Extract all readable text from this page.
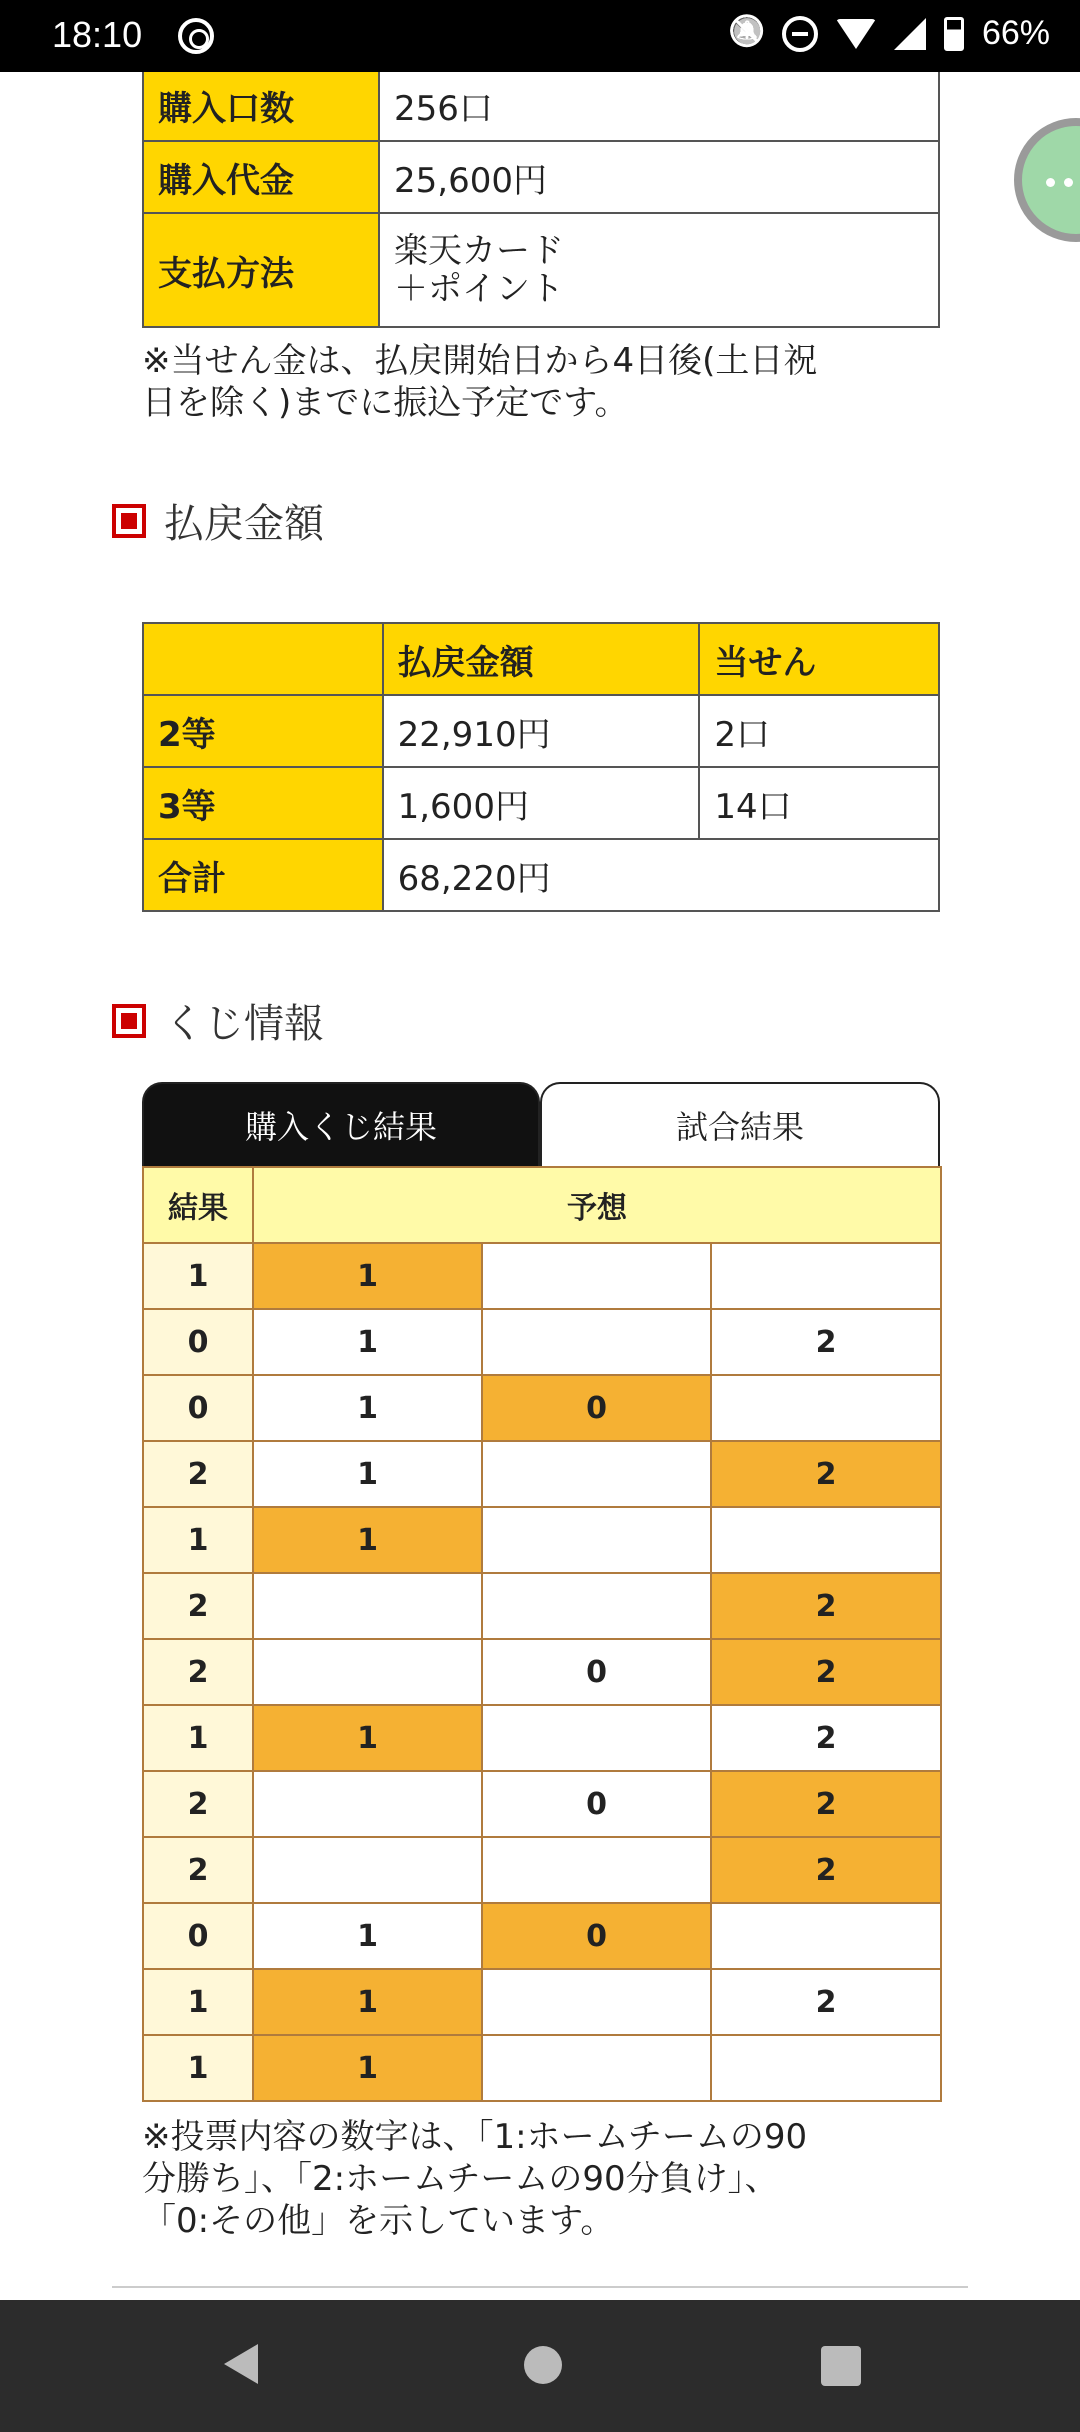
18:10 🔕	66%
購入口数	256口
購入代金	25,600円
支払方法	楽天カード
＋ポイント
※当せん金は、払戻開始日から4日後(土日祝
日を除く)までに振込予定です。
払戻金額
	払戻金額	当せん
2等	22,910円	2口
3等	1,600円	14口
合計	68,220円	
くじ情報
購入くじ結果	試合結果
結果	予想		
1	1		
0	1		2
0	1	0	
2	1		2
1	1		
2			2
2		0	2
1	1		2
2		0	2
2			2
0	1	0	
1	1		2
1	1		
※投票内容の数字は、「1:ホームチームの90
分勝ち」、「2:ホームチームの90分負け」、
「0:その他」を示しています。
